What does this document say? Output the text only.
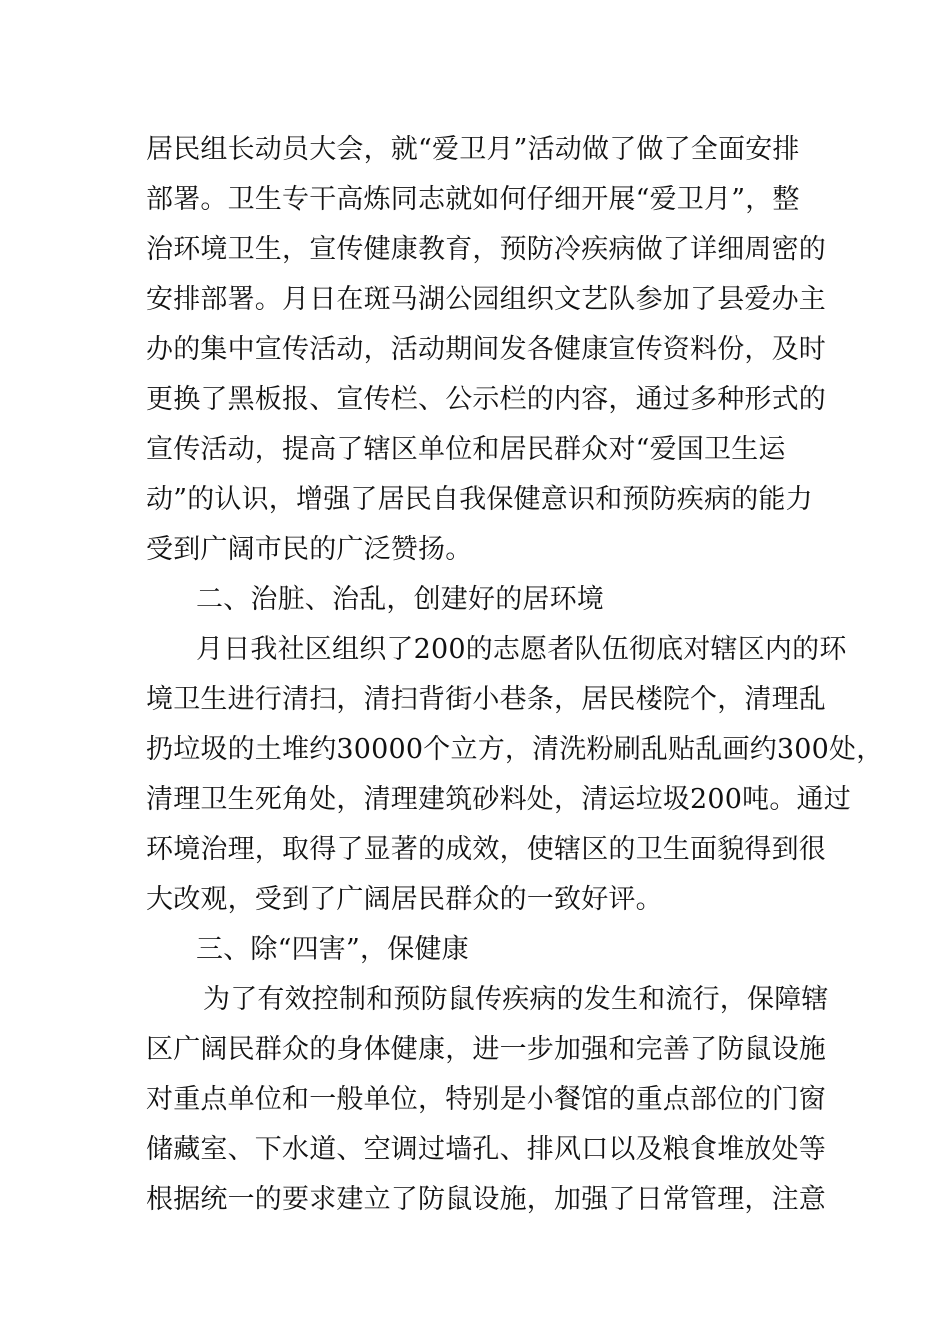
居民组长动员大会，就“爱卫月”活动做了做了全面安排
部署。卫生专干高炼同志就如何仔细开展“爱卫月”，整
治环境卫生，宣传健康教育，预防冷疾病做了详细周密的
安排部署。月日在斑马湖公园组织文艺队参加了县爱办主
办的集中宣传活动，活动期间发各健康宣传资料份，及时
更换了黑板报、宣传栏、公示栏的内容，通过多种形式的
宣传活动，提高了辖区单位和居民群众对“爱国卫生运
动”的认识，增强了居民自我保健意识和预防疾病的能力
受到广阔市民的广泛赞扬。
二、治脏、治乱，创建好的居环境
月日我社区组织了200的志愿者队伍彻底对辖区内的环
境卫生进行清扫，清扫背街小巷条，居民楼院个，清理乱
扔垃圾的土堆约30000个立方，清洗粉刷乱贴乱画约300处，
清理卫生死角处，清理建筑砂料处，清运垃圾200吨。通过
环境治理，取得了显著的成效，使辖区的卫生面貌得到很
大改观，受到了广阔居民群众的一致好评。
三、除“四害”，保健康
为了有效控制和预防鼠传疾病的发生和流行，保障辖
区广阔民群众的身体健康，进一步加强和完善了防鼠设施
对重点单位和一般单位，特别是小餐馆的重点部位的门窗
储藏室、下水道、空调过墙孔、排风口以及粮食堆放处等
根据统一的要求建立了防鼠设施，加强了日常管理，注意
